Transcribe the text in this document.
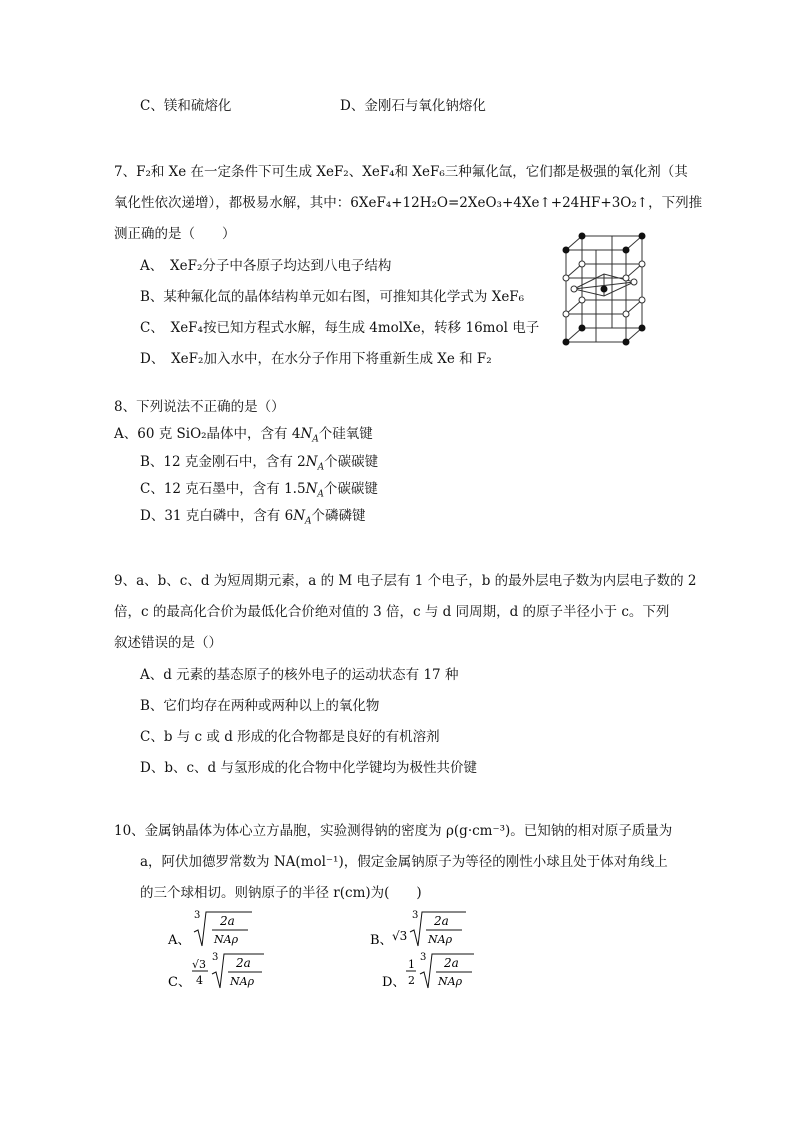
C、镁和硫熔化	D、金刚石与氧化钠熔化
7、F₂和 Xe 在一定条件下可生成 XeF₂、XeF₄和 XeF₆三种氟化氙，它们都是极强的氧化剂（其
氧化性依次递增），都极易水解，其中：6XeF₄+12H₂O=2XeO₃+4Xe↑+24HF+3O₂↑，下列推
测正确的是（　　）
A、　XeF₂分子中各原子均达到八电子结构
B、某种氟化氙的晶体结构单元如右图，可推知其化学式为 XeF₆
C、　XeF₄按已知方程式水解，每生成 4molXe，转移 16mol 电子
D、　XeF₂加入水中，在水分子作用下将重新生成 Xe 和 F₂
8、下列说法不正确的是（）
A、60 克 SiO₂晶体中，含有 $4N_A$个硅氧键
B、12 克金刚石中，含有 $2N_A$个碳碳键
C、12 克石墨中，含有 $1.5N_A$个碳碳键
D、31 克白磷中，含有 $6N_A$个磷磷键
9、a、b、c、d 为短周期元素，a 的 M 电子层有 1 个电子，b 的最外层电子数为内层电子数的 2
倍，c 的最高化合价为最低化合价绝对值的 3 倍，c 与 d 同周期，d 的原子半径小于 c。下列
叙述错误的是（）
A、d 元素的基态原子的核外电子的运动状态有 17 种
B、它们均存在两种或两种以上的氧化物
C、b 与 c 或 d 形成的化合物都是良好的有机溶剂
D、b、c、d 与氢形成的化合物中化学键均为极性共价键
10、金属钠晶体为体心立方晶胞，实验测得钠的密度为 ρ(g·cm⁻³)。已知钠的相对原子质量为
a，阿伏加德罗常数为 NA(mol⁻¹)，假定金属钠原子为等径的刚性小球且处于体对角线上
的三个球相切。则钠原子的半径 r(cm)为(　　)
A、
3 2a
NAρ	B、 √3
3 2a
NAρ
C、
√3
4
3 2a
NAρ	D、
1
2
3 2a
NAρ
